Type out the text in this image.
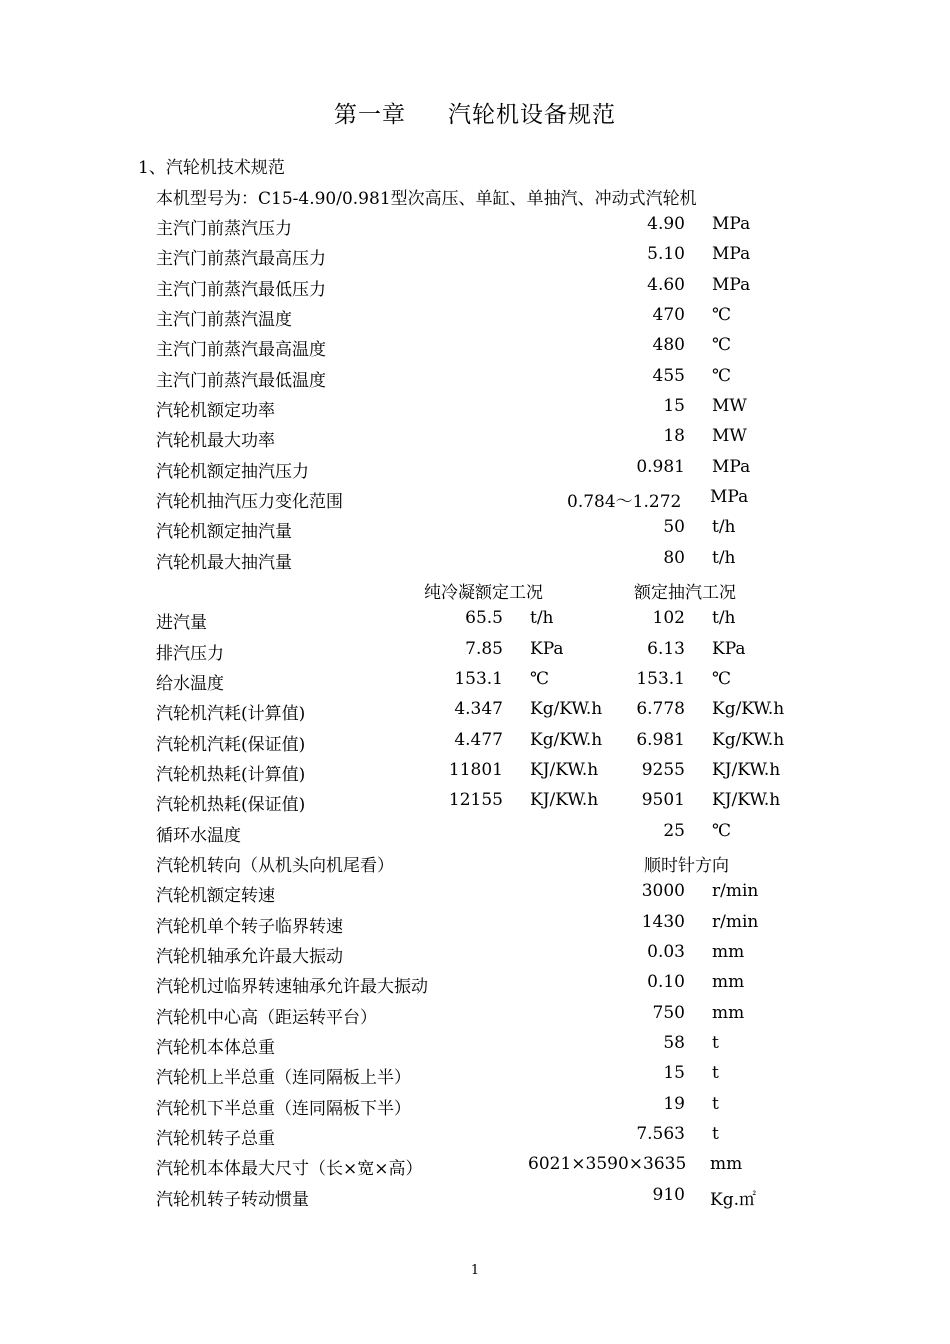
第一章 汽轮机设备规范
1、汽轮机技术规范
本机型号为：C15-4.90/0.981型次高压、单缸、单抽汽、冲动式汽轮机
主汽门前蒸汽压力	4.90 MPa
主汽门前蒸汽最高压力	5.10 MPa
主汽门前蒸汽最低压力	4.60 MPa
主汽门前蒸汽温度	470 ℃
主汽门前蒸汽最高温度	480 ℃
主汽门前蒸汽最低温度	455 ℃
汽轮机额定功率	15 MW
汽轮机最大功率	18 MW
汽轮机额定抽汽压力	0.981 MPa
汽轮机抽汽压力变化范围	0.784～1.272 MPa
汽轮机额定抽汽量	50 t/h
汽轮机最大抽汽量	80 t/h
纯冷凝额定工况	额定抽汽工况
进汽量	65.5 t/h	102 t/h
排汽压力	7.85 KPa	6.13 KPa
给水温度	153.1 ℃	153.1 ℃
汽轮机汽耗(计算值)	4.347 Kg/KW.h 6.778 Kg/KW.h
汽轮机汽耗(保证值)	4.477 Kg/KW.h 6.981 Kg/KW.h
汽轮机热耗(计算值)	11801 KJ/KW.h	9255 KJ/KW.h
汽轮机热耗(保证值)	12155 KJ/KW.h	9501 KJ/KW.h
循环水温度	25 ℃
汽轮机转向（从机头向机尾看）	顺时针方向
汽轮机额定转速	3000 r/min
汽轮机单个转子临界转速	1430 r/min
汽轮机轴承允许最大振动	0.03 mm
汽轮机过临界转速轴承允许最大振动	0.10 mm
汽轮机中心高（距运转平台）	750 mm
汽轮机本体总重	58 t
汽轮机上半总重（连同隔板上半）	15 t
汽轮机下半总重（连同隔板下半）	19 t
汽轮机转子总重	7.563 t
汽轮机本体最大尺寸（长×宽×高）	6021×3590×3635 mm
汽轮机转子转动惯量	910 Kg.㎡
1
